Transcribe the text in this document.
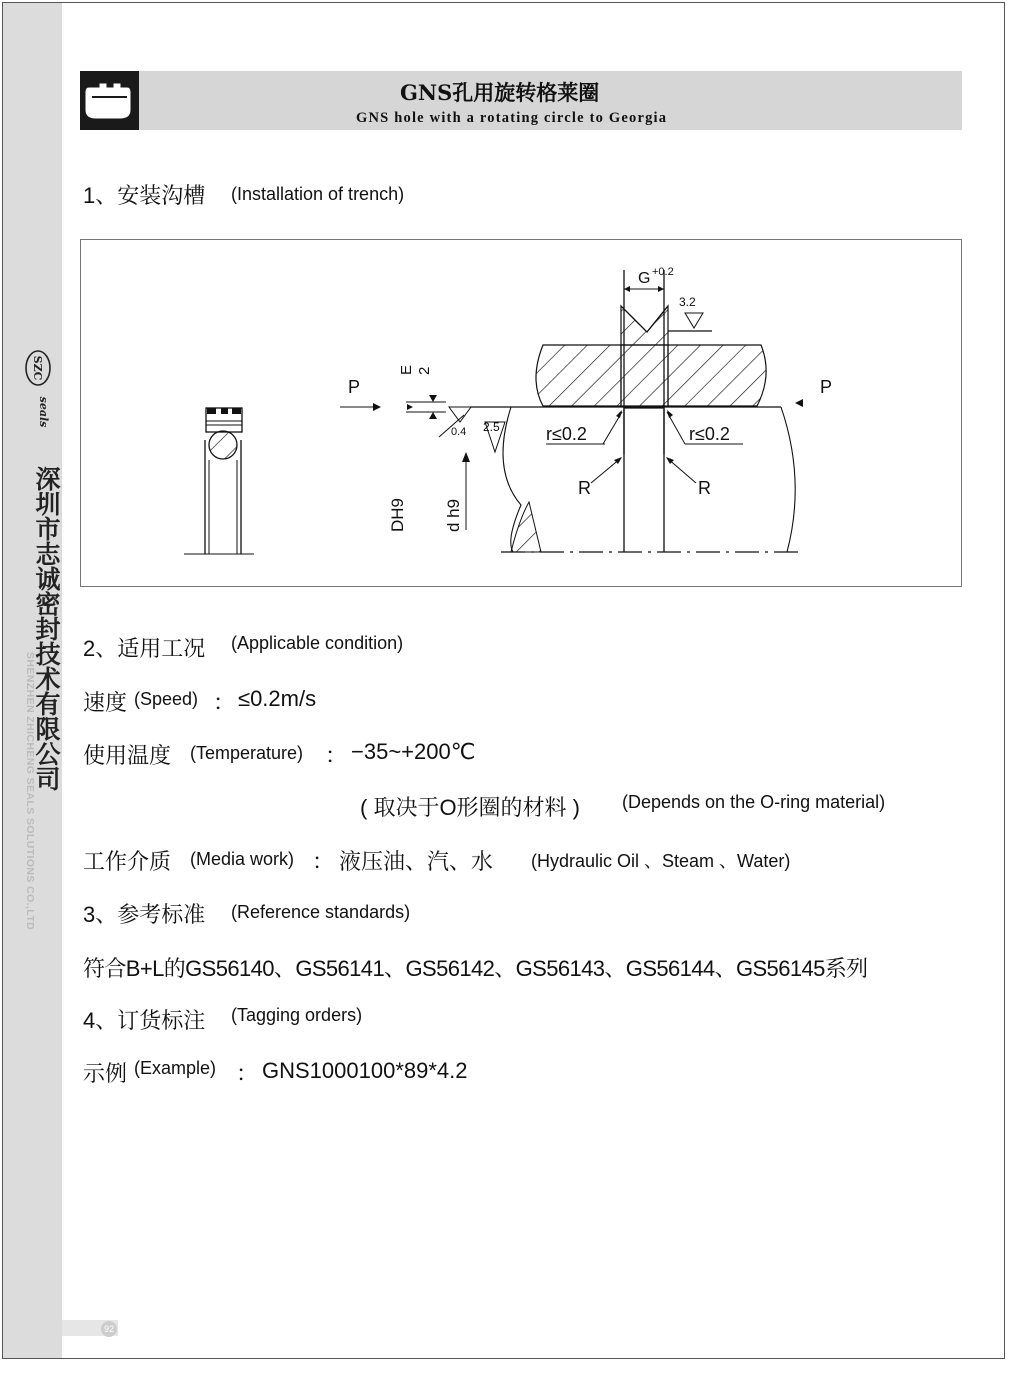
SZC
seals
深圳市志诚密封技术有限公司
SHENZHEN ZHICHENG SEALS SOLUTIONS CO.,LTD
92
GNS孔用旋转格莱圈
GNS hole with a rotating circle to Georgia
1、安装沟槽 (Installation of trench)
G +0.2
3.2
0.4 2.5	r≤0.2	r≤0.2
R	R
P	P
E 2
DH9 d h9
2、适用工况 (Applicable condition)
速度 (Speed) ： ≤0.2m/s
使用温度 (Temperature) ： −35~+200℃
( 取决于O形圈的材料 ) (Depends on the O-ring material)
工作介质 (Media work) ： 液压油、汽、水 (Hydraulic Oil 、Steam 、Water)
3、参考标准 (Reference standards)
符合B+L的GS56140、GS56141、GS56142、GS56143、GS56144、GS56145系列
4、订货标注 (Tagging orders)
示例 (Example) ： GNS1000100*89*4.2
